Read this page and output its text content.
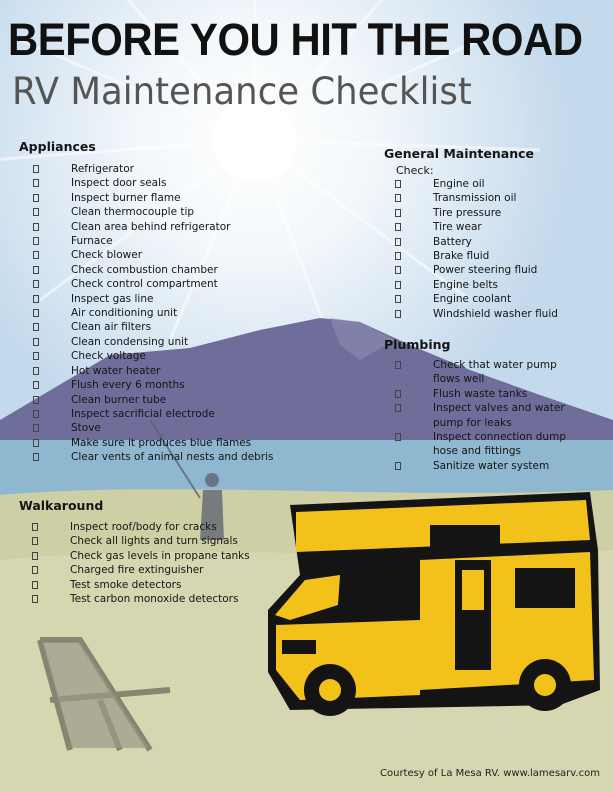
BEFORE YOU HIT THE ROAD
RV Maintenance Checklist
Appliances
Refrigerator
Inspect door seals
Inspect burner flame
Clean thermocouple tip
Clean area behind refrigerator
Furnace
Check blower
Check combustion chamber
Check control compartment
Inspect gas line
Air conditioning unit
Clean air filters
Clean condensing unit
Check voltage
Hot water heater
Flush every 6 months
Clean burner tube
Inspect sacrificial electrode
Stove
Make sure it produces blue flames
Clear vents of animal nests and debris
General Maintenance
Check:
Engine oil
Transmission oil
Tire pressure
Tire wear
Battery
Brake fluid
Power steering fluid
Engine belts
Engine coolant
Windshield washer fluid
Plumbing
Check that water pump flows well
Flush waste tanks
Inspect valves and water pump for leaks
Inspect connection dump hose and fittings
Sanitize water system
Walkaround
Inspect roof/body for cracks
Check all lights and turn signals
Check gas levels in propane tanks
Charged fire extinguisher
Test smoke detectors
Test carbon monoxide detectors
Courtesy of La Mesa RV. www.lamesarv.com
